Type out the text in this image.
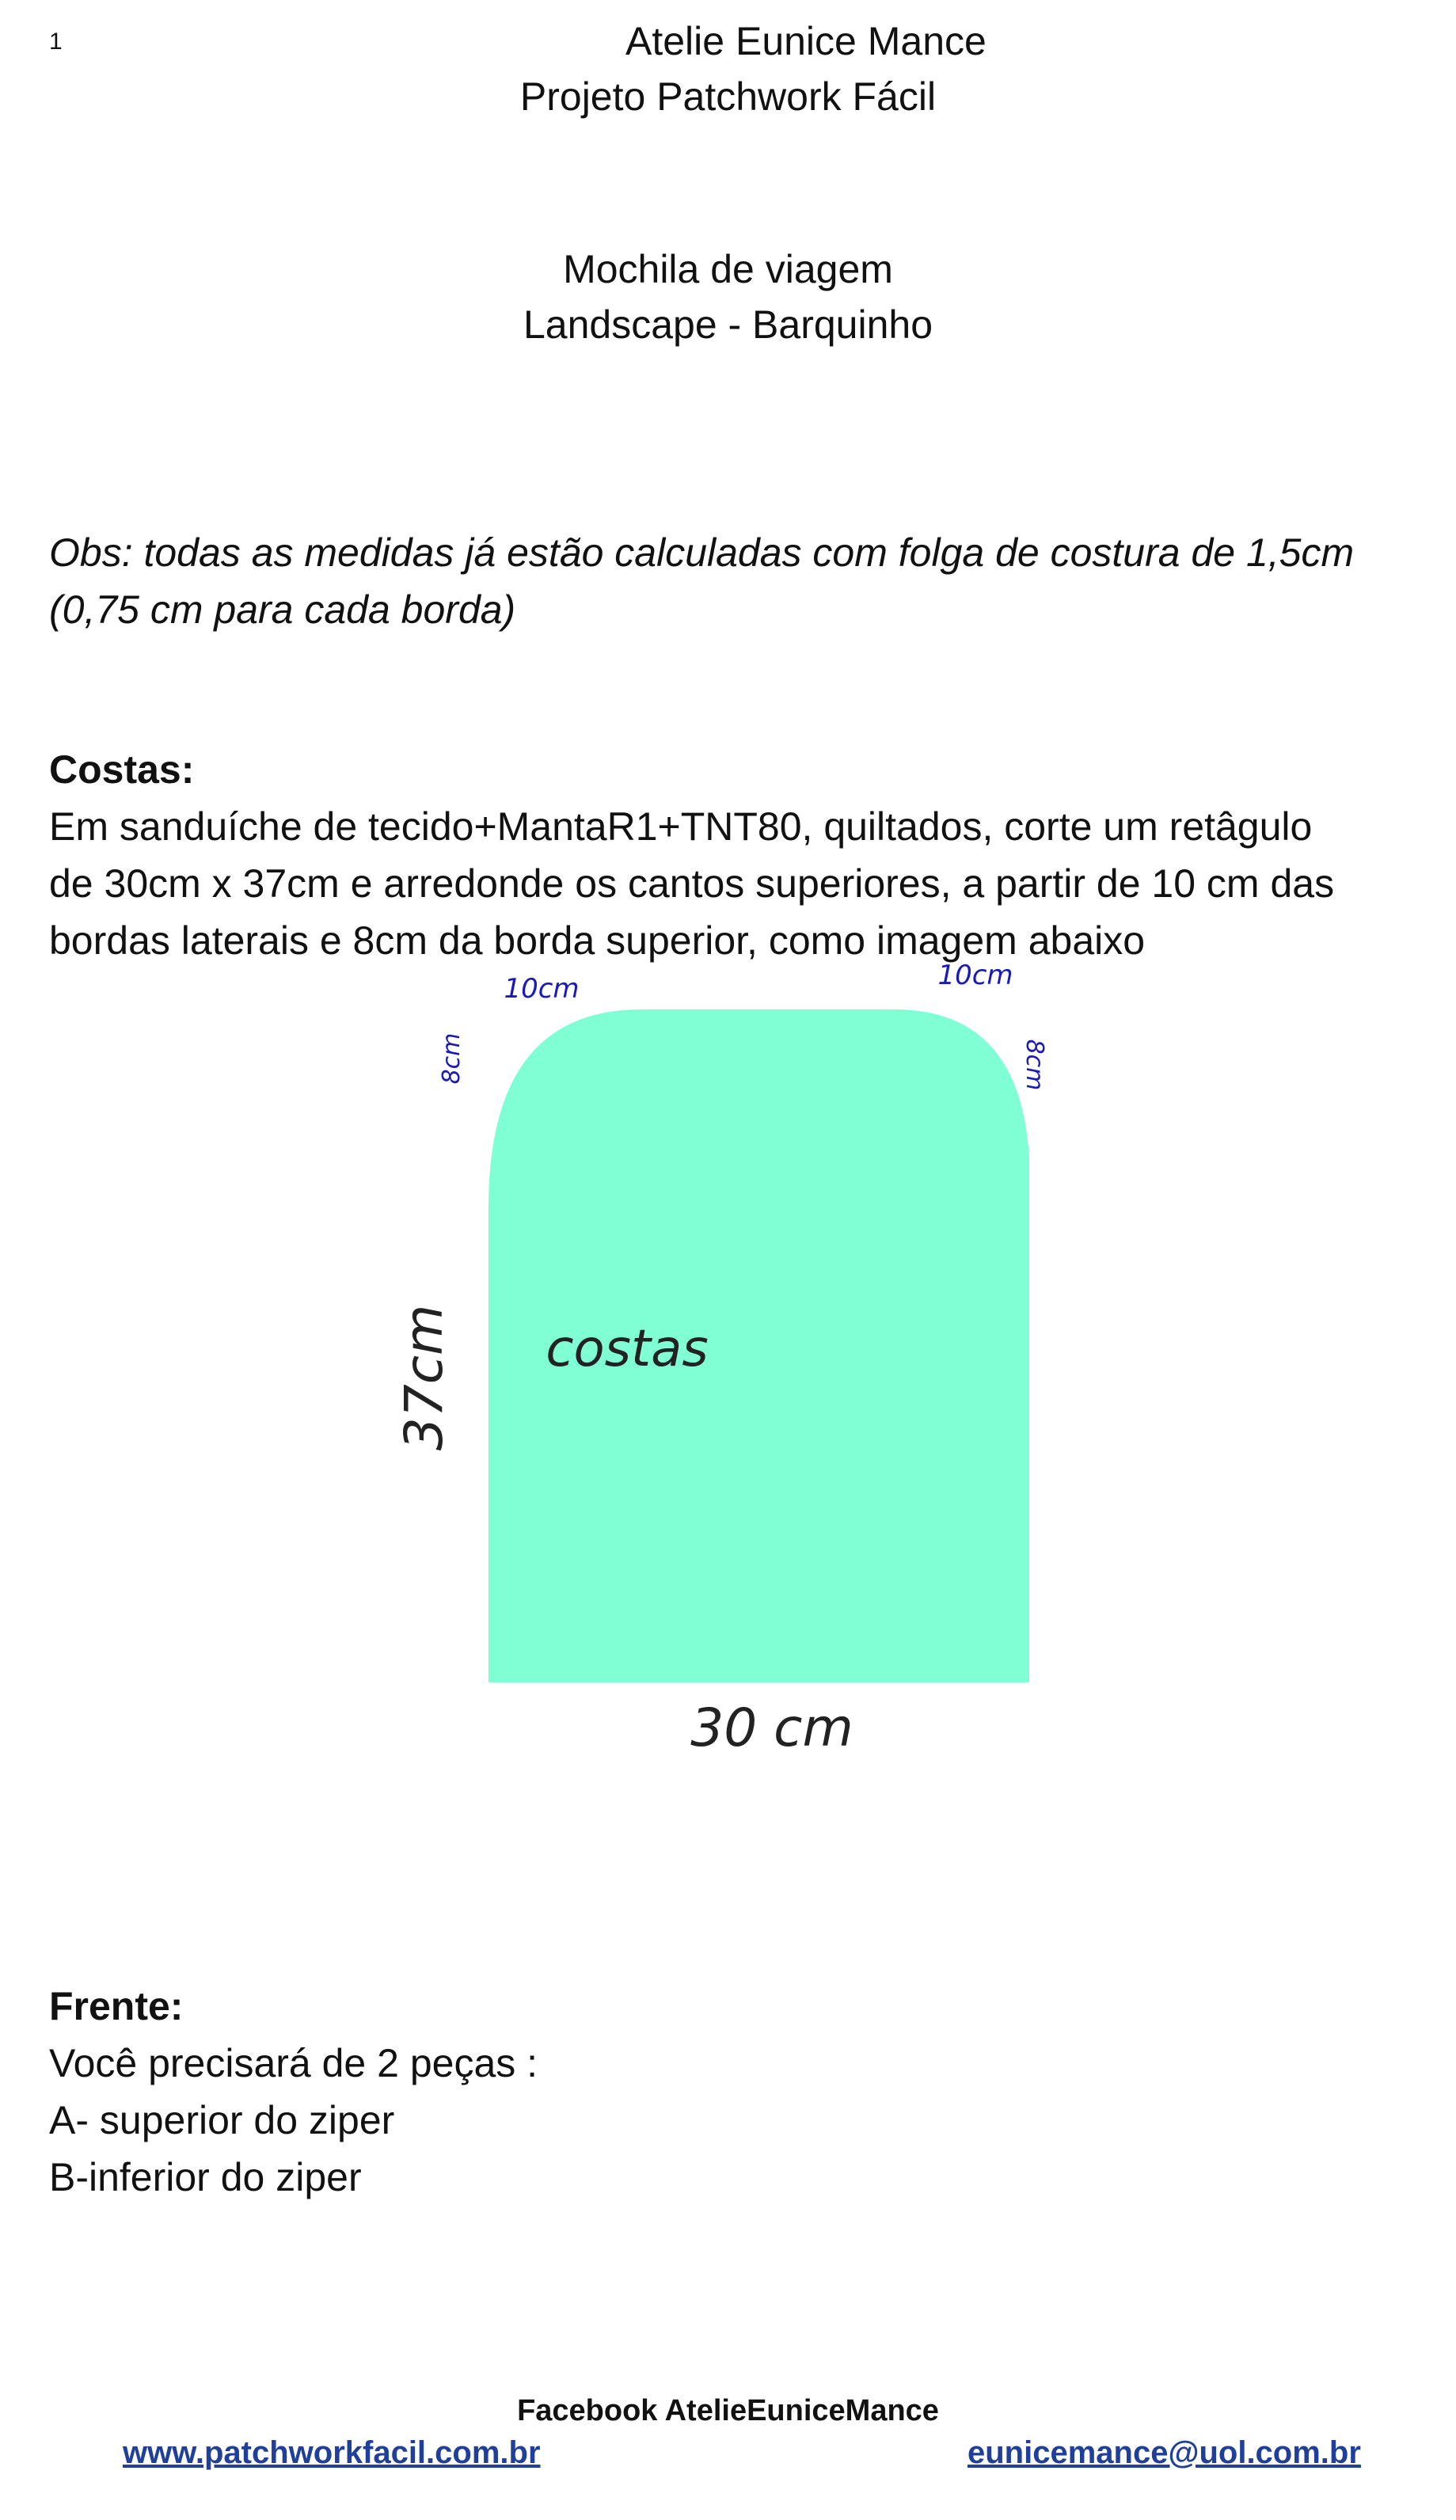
1	Atelie Eunice Mance
Projeto Patchwork Fácil
Mochila de viagem
Landscape - Barquinho
Obs: todas as medidas já estão calculadas com folga de costura de 1,5cm
(0,75 cm para cada borda)
Costas:
Em sanduíche de tecido+MantaR1+TNT80, quiltados, corte um retâgulo
de 30cm x 37cm e arredonde os cantos superiores, a partir de 10 cm das
bordas laterais e 8cm da borda superior, como imagem abaixo
costas
37cm
30 cm
10cm	10cm
8cm	8cm
Frente:
Você precisará de 2 peças :
A- superior do ziper
B-inferior do ziper
Facebook AtelieEuniceMance
www.patchworkfacil.com.br	eunicemance@uol.com.br
